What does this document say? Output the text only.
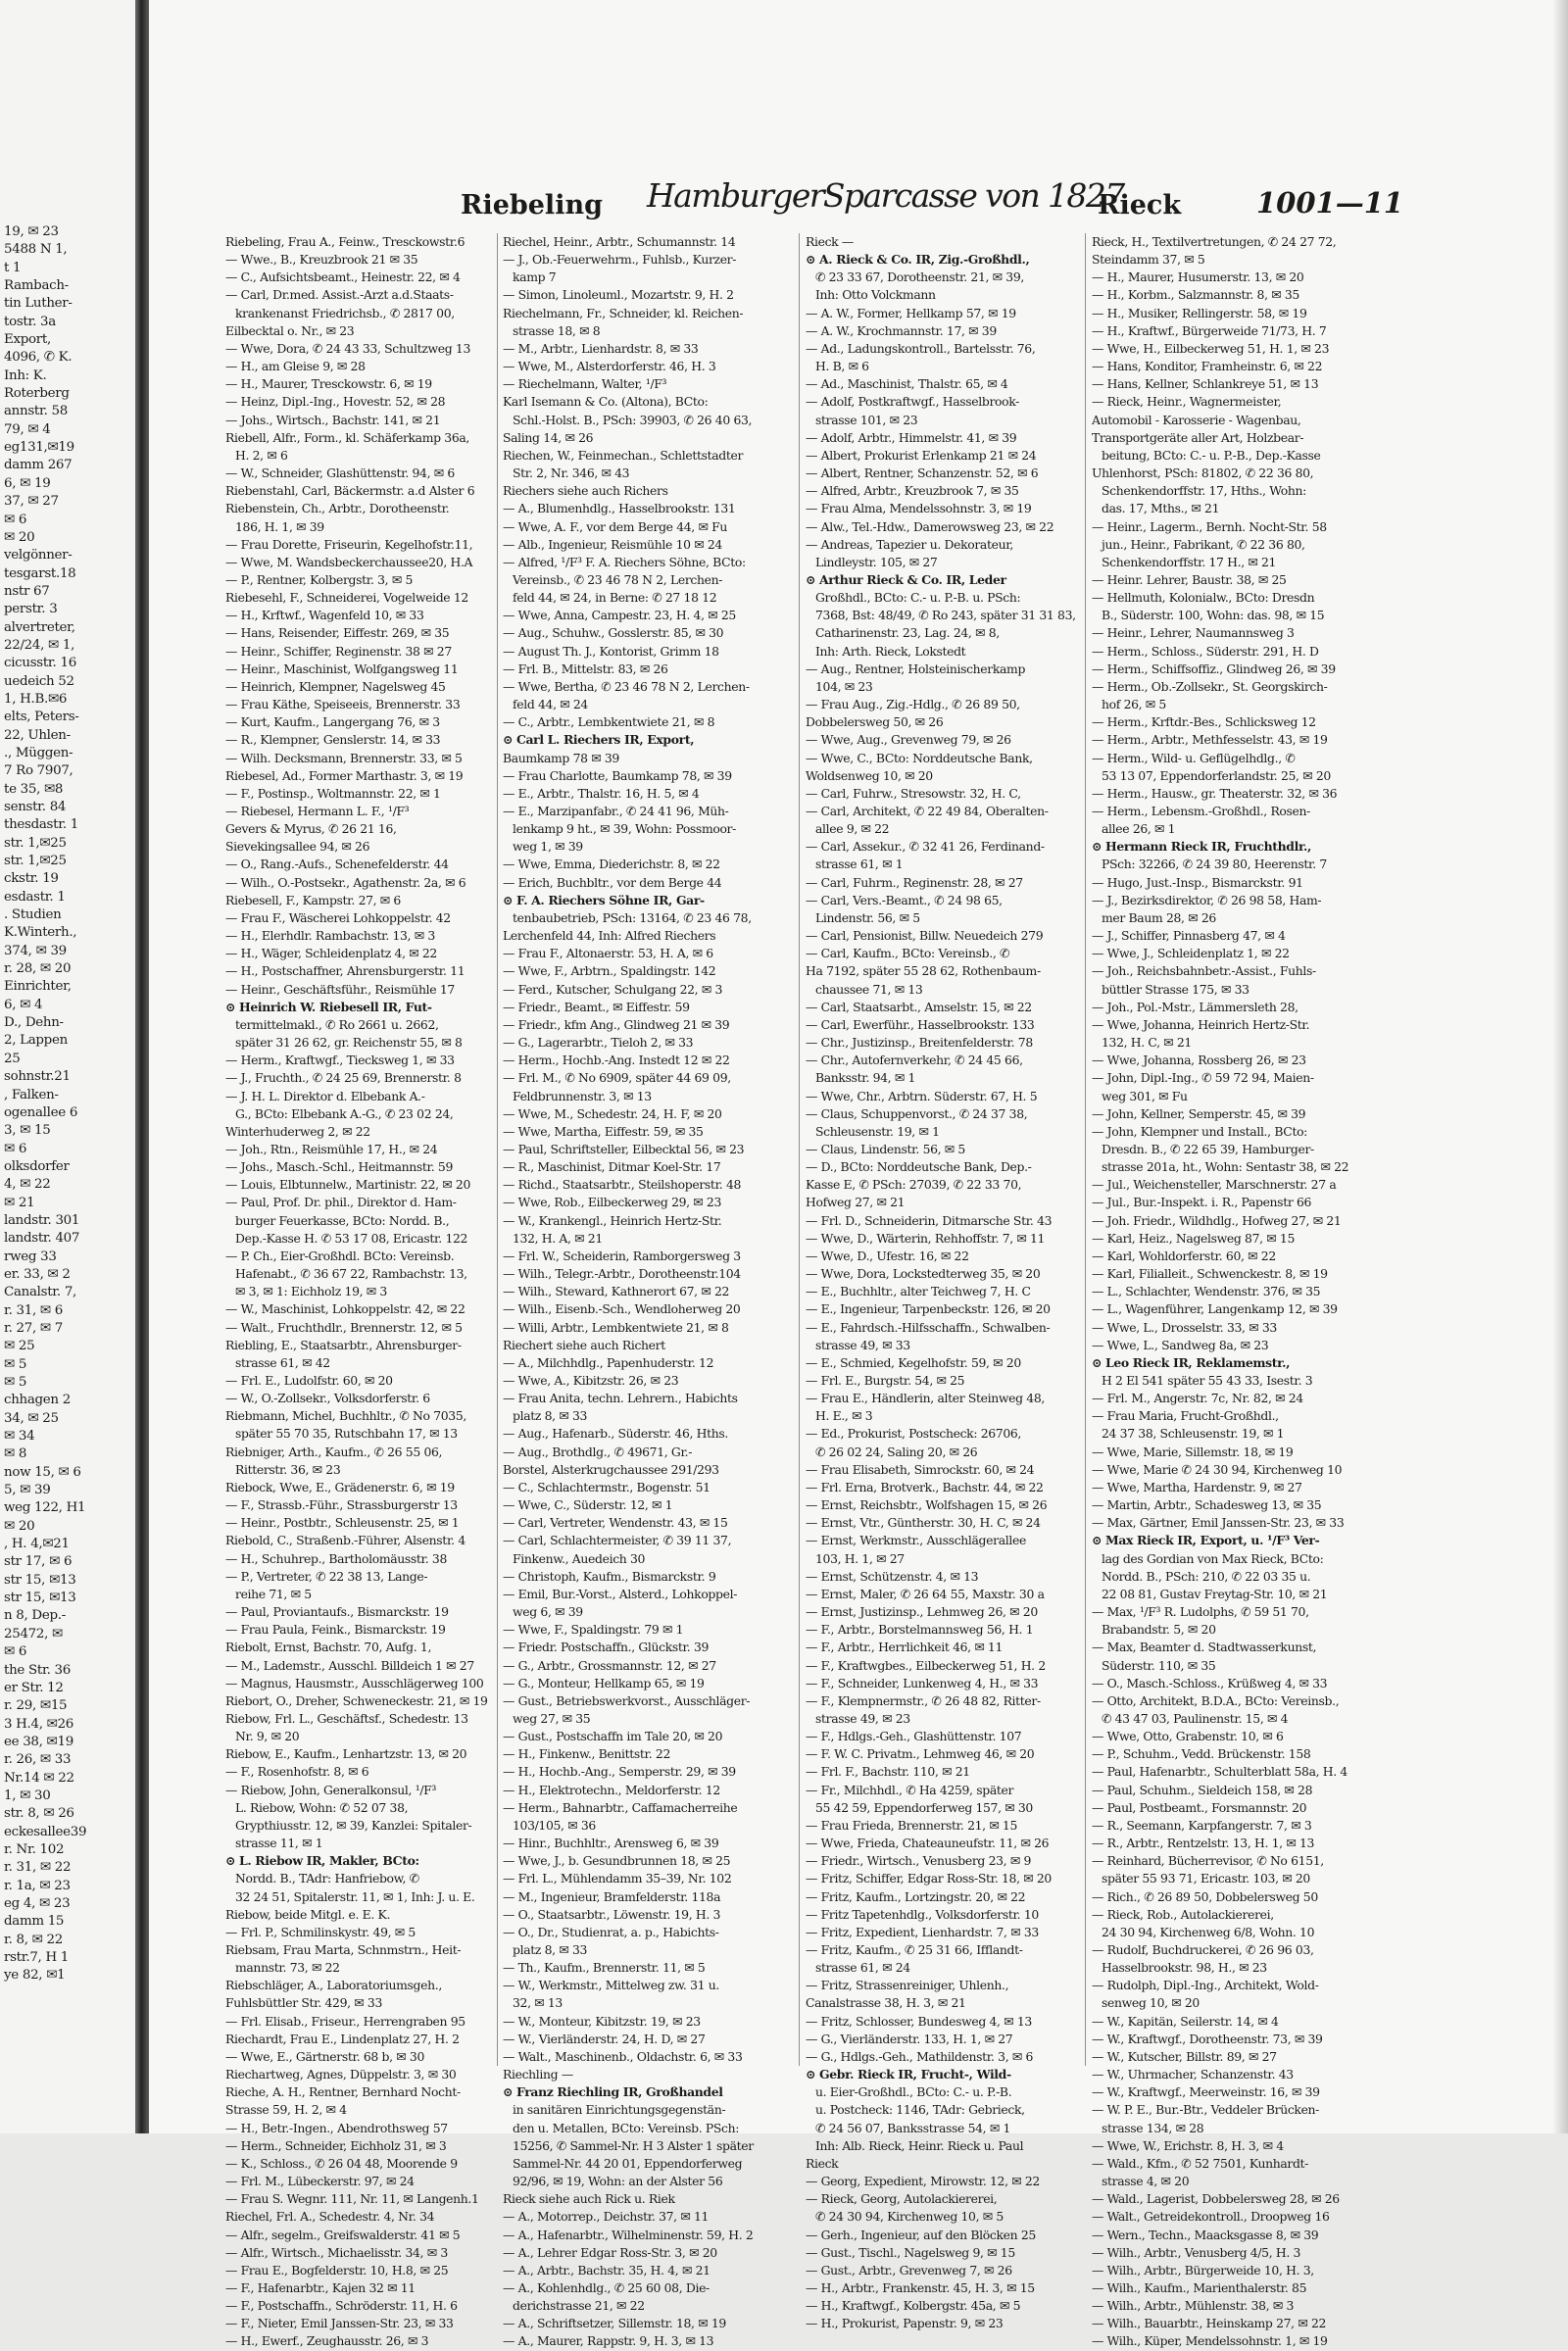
19, ✉ 23
5488 N 1,
t 1
Rambach-
tin Luther-
tostr. 3a
Export,
4096, ✆ K.
Inh: K.
Roterberg
annstr. 58
79, ✉ 4
eg131,✉19
damm 267
6, ✉ 19
37, ✉ 27
✉ 6
✉ 20
velgönner-
tesgarst.18
nstr 67
perstr. 3
alvertreter,
22/24, ✉ 1,
cicusstr. 16
uedeich 52
1, H.B.✉6
elts, Peters-
22, Uhlen-
., Müggen-
7 Ro 7907,
te 35, ✉8
senstr. 84
thesdastr. 1
str. 1,✉25
str. 1,✉25
ckstr. 19
esdastr. 1
. Studien
K.Winterh.,
374, ✉ 39
r. 28, ✉ 20
Einrichter,
6, ✉ 4
D., Dehn-
2, Lappen
25
sohnstr.21
, Falken-
ogenallee 6
3, ✉ 15
✉ 6
olksdorfer
4, ✉ 22
✉ 21
landstr. 301
landstr. 407
rweg 33
er. 33, ✉ 2
Canalstr. 7,
r. 31, ✉ 6
r. 27, ✉ 7
✉ 25
✉ 5
✉ 5
chhagen 2
34, ✉ 25
✉ 34
✉ 8
now 15, ✉ 6
5, ✉ 39
weg 122, H1
✉ 20
, H. 4,✉21
str 17, ✉ 6
str 15, ✉13
str 15, ✉13
n 8, Dep.-
25472, ✉
✉ 6
the Str. 36
er Str. 12
r. 29, ✉15
3 H.4, ✉26
ee 38, ✉19
r. 26, ✉ 33
Nr.14 ✉ 22
1, ✉ 30
str. 8, ✉ 26
eckesallee39
r. Nr. 102
r. 31, ✉ 22
r. 1a, ✉ 23
eg 4, ✉ 23
damm 15
r. 8, ✉ 22
rstr.7, H 1
ye 82, ✉1
Riebeling HamburgerSparcasse von 1827
Rieck	1001—11
Riebeling, Frau A., Feinw., Tresckowstr.6
— Wwe., B., Kreuzbrook 21 ✉ 35
— C., Aufsichtsbeamt., Heinestr. 22, ✉ 4
— Carl, Dr.med. Assist.-Arzt a.d.Staats-
krankenanst Friedrichsb., ✆ 2817 00,
Eilbecktal o. Nr., ✉ 23
— Wwe, Dora, ✆ 24 43 33, Schultzweg 13
— H., am Gleise 9, ✉ 28
— H., Maurer, Tresckowstr. 6, ✉ 19
— Heinz, Dipl.-Ing., Hovestr. 52, ✉ 28
— Johs., Wirtsch., Bachstr. 141, ✉ 21
Riebell, Alfr., Form., kl. Schäferkamp 36a,
H. 2, ✉ 6
— W., Schneider, Glashüttenstr. 94, ✉ 6
Riebenstahl, Carl, Bäckermstr. a.d Alster 6
Riebenstein, Ch., Arbtr., Dorotheenstr.
186, H. 1, ✉ 39
— Frau Dorette, Friseurin, Kegelhofstr.11,
— Wwe, M. Wandsbeckerchaussee20, H.A
— P., Rentner, Kolbergstr. 3, ✉ 5
Riebesehl, F., Schneiderei, Vogelweide 12
— H., Krftwf., Wagenfeld 10, ✉ 33
— Hans, Reisender, Eiffestr. 269, ✉ 35
— Heinr., Schiffer, Reginenstr. 38 ✉ 27
— Heinr., Maschinist, Wolfgangsweg 11
— Heinrich, Klempner, Nagelsweg 45
— Frau Käthe, Speiseeis, Brennerstr. 33
— Kurt, Kaufm., Langergang 76, ✉ 3
— R., Klempner, Genslerstr. 14, ✉ 33
— Wilh. Decksmann, Brennerstr. 33, ✉ 5
Riebesel, Ad., Former Marthastr. 3, ✉ 19
— F., Postinsp., Woltmannstr. 22, ✉ 1
— Riebesel, Hermann L. F., ¹/F³
Gevers & Myrus, ✆ 26 21 16,
Sievekingsallee 94, ✉ 26
— O., Rang.-Aufs., Schenefelderstr. 44
— Wilh., O.-Postsekr., Agathenstr. 2a, ✉ 6
Riebesell, F., Kampstr. 27, ✉ 6
— Frau F., Wäscherei Lohkoppelstr. 42
— H., Elerhdlr. Rambachstr. 13, ✉ 3
— H., Wäger, Schleidenplatz 4, ✉ 22
— H., Postschaffner, Ahrensburgerstr. 11
— Heinr., Geschäftsführ., Reismühle 17
⊙ Heinrich W. Riebesell IR, Fut-
termittelmakl., ✆ Ro 2661 u. 2662,
später 31 26 62, gr. Reichenstr 55, ✉ 8
— Herm., Kraftwgf., Tiecksweg 1, ✉ 33
— J., Fruchth., ✆ 24 25 69, Brennerstr. 8
— J. H. L. Direktor d. Elbebank A.-
G., BCto: Elbebank A.-G., ✆ 23 02 24,
Winterhuderweg 2, ✉ 22
— Joh., Rtn., Reismühle 17, H., ✉ 24
— Johs., Masch.-Schl., Heitmannstr. 59
— Louis, Elbtunnelw., Martinistr. 22, ✉ 20
— Paul, Prof. Dr. phil., Direktor d. Ham-
burger Feuerkasse, BCto: Nordd. B.,
Dep.-Kasse H. ✆ 53 17 08, Ericastr. 122
— P. Ch., Eier-Großhdl. BCto: Vereinsb.
Hafenabt., ✆ 36 67 22, Rambachstr. 13,
✉ 3, ✉ 1: Eichholz 19, ✉ 3
— W., Maschinist, Lohkoppelstr. 42, ✉ 22
— Walt., Fruchthdlr., Brennerstr. 12, ✉ 5
Riebling, E., Staatsarbtr., Ahrensburger-
strasse 61, ✉ 42
— Frl. E., Ludolfstr. 60, ✉ 20
— W., O.-Zollsekr., Volksdorferstr. 6
Riebmann, Michel, Buchhltr., ✆ No 7035,
später 55 70 35, Rutschbahn 17, ✉ 13
Riebniger, Arth., Kaufm., ✆ 26 55 06,
Ritterstr. 36, ✉ 23
Riebock, Wwe, E., Grädenerstr. 6, ✉ 19
— F., Strassb.-Führ., Strassburgerstr 13
— Heinr., Postbtr., Schleusenstr. 25, ✉ 1
Riebold, C., Straßenb.-Führer, Alsenstr. 4
— H., Schuhrep., Bartholomäusstr. 38
— P., Vertreter, ✆ 22 38 13, Lange-
reihe 71, ✉ 5
— Paul, Proviantaufs., Bismarckstr. 19
— Frau Paula, Feink., Bismarckstr. 19
Riebolt, Ernst, Bachstr. 70, Aufg. 1,
— M., Lademstr., Ausschl. Billdeich 1 ✉ 27
— Magnus, Hausmstr., Ausschlägerweg 100
Riebort, O., Dreher, Schweneckestr. 21, ✉ 19
Riebow, Frl. L., Geschäftsf., Schedestr. 13
Nr. 9, ✉ 20
Riebow, E., Kaufm., Lenhartzstr. 13, ✉ 20
— F., Rosenhofstr. 8, ✉ 6
— Riebow, John, Generalkonsul, ¹/F³
L. Riebow, Wohn: ✆ 52 07 38,
Grypthiusstr. 12, ✉ 39, Kanzlei: Spitaler-
strasse 11, ✉ 1
⊙ L. Riebow IR, Makler, BCto:
Nordd. B., TAdr: Hanfriebow, ✆
32 24 51, Spitalerstr. 11, ✉ 1, Inh: J. u. E.
Riebow, beide Mitgl. e. E. K.
— Frl. P., Schmilinskystr. 49, ✉ 5
Riebsam, Frau Marta, Schnmstrn., Heit-
mannstr. 73, ✉ 22
Riebschläger, A., Laboratoriumsgeh.,
Fuhlsbüttler Str. 429, ✉ 33
— Frl. Elisab., Friseur., Herrengraben 95
Riechardt, Frau E., Lindenplatz 27, H. 2
— Wwe, E., Gärtnerstr. 68 b, ✉ 30
Riechartweg, Agnes, Düppelstr. 3, ✉ 30
Rieche, A. H., Rentner, Bernhard Nocht-
Strasse 59, H. 2, ✉ 4
— H., Betr.-Ingen., Abendrothsweg 57
— Herm., Schneider, Eichholz 31, ✉ 3
— K., Schloss., ✆ 26 04 48, Moorende 9
— Frl. M., Lübeckerstr. 97, ✉ 24
— Frau S. Wegnr. 111, Nr. 11, ✉ Langenh.1
Riechel, Frl. A., Schedestr. 4, Nr. 34
— Alfr., segelm., Greifswalderstr. 41 ✉ 5
— Alfr., Wirtsch., Michaelisstr. 34, ✉ 3
— Frau E., Bogfelderstr. 10, H.8, ✉ 25
— F., Hafenarbtr., Kajen 32 ✉ 11
— F., Postschaffn., Schröderstr. 11, H. 6
— F., Nieter, Emil Janssen-Str. 23, ✉ 33
— H., Ewerf., Zeughausstr. 26, ✉ 3
Riechel, Heinr., Arbtr., Schumannstr. 14
— J., Ob.-Feuerwehrm., Fuhlsb., Kurzer-
kamp 7
— Simon, Linoleuml., Mozartstr. 9, H. 2
Riechelmann, Fr., Schneider, kl. Reichen-
strasse 18, ✉ 8
— M., Arbtr., Lienhardstr. 8, ✉ 33
— Wwe, M., Alsterdorferstr. 46, H. 3
— Riechelmann, Walter, ¹/F³
Karl Isemann & Co. (Altona), BCto:
Schl.-Holst. B., PSch: 39903, ✆ 26 40 63,
Saling 14, ✉ 26
Riechen, W., Feinmechan., Schlettstadter
Str. 2, Nr. 346, ✉ 43
Riechers siehe auch Richers
— A., Blumenhdlg., Hasselbrookstr. 131
— Wwe, A. F., vor dem Berge 44, ✉ Fu
— Alb., Ingenieur, Reismühle 10 ✉ 24
— Alfred, ¹/F³ F. A. Riechers Söhne, BCto:
Vereinsb., ✆ 23 46 78 N 2, Lerchen-
feld 44, ✉ 24, in Berne: ✆ 27 18 12
— Wwe, Anna, Campestr. 23, H. 4, ✉ 25
— Aug., Schuhw., Gosslerstr. 85, ✉ 30
— August Th. J., Kontorist, Grimm 18
— Frl. B., Mittelstr. 83, ✉ 26
— Wwe, Bertha, ✆ 23 46 78 N 2, Lerchen-
feld 44, ✉ 24
— C., Arbtr., Lembkentwiete 21, ✉ 8
⊙ Carl L. Riechers IR, Export,
Baumkamp 78 ✉ 39
— Frau Charlotte, Baumkamp 78, ✉ 39
— E., Arbtr., Thalstr. 16, H. 5, ✉ 4
— E., Marzipanfabr., ✆ 24 41 96, Müh-
lenkamp 9 ht., ✉ 39, Wohn: Possmoor-
weg 1, ✉ 39
— Wwe, Emma, Diederichstr. 8, ✉ 22
— Erich, Buchbltr., vor dem Berge 44
⊙ F. A. Riechers Söhne IR, Gar-
tenbaubetrieb, PSch: 13164, ✆ 23 46 78,
Lerchenfeld 44, Inh: Alfred Riechers
— Frau F., Altonaerstr. 53, H. A, ✉ 6
— Wwe, F., Arbtrn., Spaldingstr. 142
— Ferd., Kutscher, Schulgang 22, ✉ 3
— Friedr., Beamt., ✉ Eiffestr. 59
— Friedr., kfm Ang., Glindweg 21 ✉ 39
— G., Lagerarbtr., Tieloh 2, ✉ 33
— Herm., Hochb.-Ang. Instedt 12 ✉ 22
— Frl. M., ✆ No 6909, später 44 69 09,
Feldbrunnenstr. 3, ✉ 13
— Wwe, M., Schedestr. 24, H. F, ✉ 20
— Wwe, Martha, Eiffestr. 59, ✉ 35
— Paul, Schriftsteller, Eilbecktal 56, ✉ 23
— R., Maschinist, Ditmar Koel-Str. 17
— Richd., Staatsarbtr., Steilshoperstr. 48
— Wwe, Rob., Eilbeckerweg 29, ✉ 23
— W., Krankengl., Heinrich Hertz-Str.
132, H. A, ✉ 21
— Frl. W., Scheiderin, Ramborgersweg 3
— Wilh., Telegr.-Arbtr., Dorotheenstr.104
— Wilh., Steward, Kathnerort 67, ✉ 22
— Wilh., Eisenb.-Sch., Wendloherweg 20
— Willi, Arbtr., Lembkentwiete 21, ✉ 8
Riechert siehe auch Richert
— A., Milchhdlg., Papenhuderstr. 12
— Wwe, A., Kibitzstr. 26, ✉ 23
— Frau Anita, techn. Lehrern., Habichts
platz 8, ✉ 33
— Aug., Hafenarb., Süderstr. 46, Hths.
— Aug., Brothdlg., ✆ 49671, Gr.-
Borstel, Alsterkrugchaussee 291/293
— C., Schlachtermstr., Bogenstr. 51
— Wwe, C., Süderstr. 12, ✉ 1
— Carl, Vertreter, Wendenstr. 43, ✉ 15
— Carl, Schlachtermeister, ✆ 39 11 37,
Finkenw., Auedeich 30
— Christoph, Kaufm., Bismarckstr. 9
— Emil, Bur.-Vorst., Alsterd., Lohkoppel-
weg 6, ✉ 39
— Wwe, F., Spaldingstr. 79 ✉ 1
— Friedr. Postschaffn., Glückstr. 39
— G., Arbtr., Grossmannstr. 12, ✉ 27
— G., Monteur, Hellkamp 65, ✉ 19
— Gust., Betriebswerkvorst., Ausschläger-
weg 27, ✉ 35
— Gust., Postschaffn im Tale 20, ✉ 20
— H., Finkenw., Benittstr. 22
— H., Hochb.-Ang., Semperstr. 29, ✉ 39
— H., Elektrotechn., Meldorferstr. 12
— Herm., Bahnarbtr., Caffamacherreihe
103/105, ✉ 36
— Hinr., Buchhltr., Arensweg 6, ✉ 39
— Wwe, J., b. Gesundbrunnen 18, ✉ 25
— Frl. L., Mühlendamm 35–39, Nr. 102
— M., Ingenieur, Bramfelderstr. 118a
— O., Staatsarbtr., Löwenstr. 19, H. 3
— O., Dr., Studienrat, a. p., Habichts-
platz 8, ✉ 33
— Th., Kaufm., Brennerstr. 11, ✉ 5
— W., Werkmstr., Mittelweg zw. 31 u.
32, ✉ 13
— W., Monteur, Kibitzstr. 19, ✉ 23
— W., Vierländerstr. 24, H. D, ✉ 27
— Walt., Maschinenb., Oldachstr. 6, ✉ 33
Riechling —
⊙ Franz Riechling IR, Großhandel
in sanitären Einrichtungsgegenstän-
den u. Metallen, BCto: Vereinsb. PSch:
15256, ✆ Sammel-Nr. H 3 Alster 1 später
Sammel-Nr. 44 20 01, Eppendorferweg
92/96, ✉ 19, Wohn: an der Alster 56
Rieck siehe auch Rick u. Riek
— A., Motorrep., Deichstr. 37, ✉ 11
— A., Hafenarbtr., Wilhelminenstr. 59, H. 2
— A., Lehrer Edgar Ross-Str. 3, ✉ 20
— A., Arbtr., Bachstr. 35, H. 4, ✉ 21
— A., Kohlenhdlg., ✆ 25 60 08, Die-
derichstrasse 21, ✉ 22
— A., Schriftsetzer, Sillemstr. 18, ✉ 19
— A., Maurer, Rappstr. 9, H. 3, ✉ 13
Rieck —
⊙ A. Rieck & Co. IR, Zig.-Großhdl.,
✆ 23 33 67, Dorotheenstr. 21, ✉ 39,
Inh: Otto Volckmann
— A. W., Former, Hellkamp 57, ✉ 19
— A. W., Krochmannstr. 17, ✉ 39
— Ad., Ladungskontroll., Bartelsstr. 76,
H. B, ✉ 6
— Ad., Maschinist, Thalstr. 65, ✉ 4
— Adolf, Postkraftwgf., Hasselbrook-
strasse 101, ✉ 23
— Adolf, Arbtr., Himmelstr. 41, ✉ 39
— Albert, Prokurist Erlenkamp 21 ✉ 24
— Albert, Rentner, Schanzenstr. 52, ✉ 6
— Alfred, Arbtr., Kreuzbrook 7, ✉ 35
— Frau Alma, Mendelssohnstr. 3, ✉ 19
— Alw., Tel.-Hdw., Damerowsweg 23, ✉ 22
— Andreas, Tapezier u. Dekorateur,
Lindleystr. 105, ✉ 27
⊙ Arthur Rieck & Co. IR, Leder
Großhdl., BCto: C.- u. P.-B. u. PSch:
7368, Bst: 48/49, ✆ Ro 243, später 31 31 83,
Catharinenstr. 23, Lag. 24, ✉ 8,
Inh: Arth. Rieck, Lokstedt
— Aug., Rentner, Holsteinischerkamp
104, ✉ 23
— Frau Aug., Zig.-Hdlg., ✆ 26 89 50,
Dobbelersweg 50, ✉ 26
— Wwe, Aug., Grevenweg 79, ✉ 26
— Wwe, C., BCto: Norddeutsche Bank,
Woldsenweg 10, ✉ 20
— Carl, Fuhrw., Stresowstr. 32, H. C,
— Carl, Architekt, ✆ 22 49 84, Oberalten-
allee 9, ✉ 22
— Carl, Assekur., ✆ 32 41 26, Ferdinand-
strasse 61, ✉ 1
— Carl, Fuhrm., Reginenstr. 28, ✉ 27
— Carl, Vers.-Beamt., ✆ 24 98 65,
Lindenstr. 56, ✉ 5
— Carl, Pensionist, Billw. Neuedeich 279
— Carl, Kaufm., BCto: Vereinsb., ✆
Ha 7192, später 55 28 62, Rothenbaum-
chaussee 71, ✉ 13
— Carl, Staatsarbt., Amselstr. 15, ✉ 22
— Carl, Ewerführ., Hasselbrookstr. 133
— Chr., Justizinsp., Breitenfelderstr. 78
— Chr., Autofernverkehr, ✆ 24 45 66,
Banksstr. 94, ✉ 1
— Wwe, Chr., Arbtrn. Süderstr. 67, H. 5
— Claus, Schuppenvorst., ✆ 24 37 38,
Schleusenstr. 19, ✉ 1
— Claus, Lindenstr. 56, ✉ 5
— D., BCto: Norddeutsche Bank, Dep.-
Kasse E, ✆ PSch: 27039, ✆ 22 33 70,
Hofweg 27, ✉ 21
— Frl. D., Schneiderin, Ditmarsche Str. 43
— Wwe, D., Wärterin, Rehhoffstr. 7, ✉ 11
— Wwe, D., Ufestr. 16, ✉ 22
— Wwe, Dora, Lockstedterweg 35, ✉ 20
— E., Buchhltr., alter Teichweg 7, H. C
— E., Ingenieur, Tarpenbeckstr. 126, ✉ 20
— E., Fahrdsch.-Hilfsschaffn., Schwalben-
strasse 49, ✉ 33
— E., Schmied, Kegelhofstr. 59, ✉ 20
— Frl. E., Burgstr. 54, ✉ 25
— Frau E., Händlerin, alter Steinweg 48,
H. E., ✉ 3
— Ed., Prokurist, Postscheck: 26706,
✆ 26 02 24, Saling 20, ✉ 26
— Frau Elisabeth, Simrockstr. 60, ✉ 24
— Frl. Erna, Brotverk., Bachstr. 44, ✉ 22
— Ernst, Reichsbtr., Wolfshagen 15, ✉ 26
— Ernst, Vtr., Güntherstr. 30, H. C, ✉ 24
— Ernst, Werkmstr., Ausschlägerallee
103, H. 1, ✉ 27
— Ernst, Schützenstr. 4, ✉ 13
— Ernst, Maler, ✆ 26 64 55, Maxstr. 30 a
— Ernst, Justizinsp., Lehmweg 26, ✉ 20
— F., Arbtr., Borstelmannsweg 56, H. 1
— F., Arbtr., Herrlichkeit 46, ✉ 11
— F., Kraftwgbes., Eilbeckerweg 51, H. 2
— F., Schneider, Lunkenweg 4, H., ✉ 33
— F., Klempnermstr., ✆ 26 48 82, Ritter-
strasse 49, ✉ 23
— F., Hdlgs.-Geh., Glashüttenstr. 107
— F. W. C. Privatm., Lehmweg 46, ✉ 20
— Frl. F., Bachstr. 110, ✉ 21
— Fr., Milchhdl., ✆ Ha 4259, später
55 42 59, Eppendorferweg 157, ✉ 30
— Frau Frieda, Brennerstr. 21, ✉ 15
— Wwe, Frieda, Chateauneufstr. 11, ✉ 26
— Friedr., Wirtsch., Venusberg 23, ✉ 9
— Fritz, Schiffer, Edgar Ross-Str. 18, ✉ 20
— Fritz, Kaufm., Lortzingstr. 20, ✉ 22
— Fritz Tapetenhdlg., Volksdorferstr. 10
— Fritz, Expedient, Lienhardstr. 7, ✉ 33
— Fritz, Kaufm., ✆ 25 31 66, Ifflandt-
strasse 61, ✉ 24
— Fritz, Strassenreiniger, Uhlenh.,
Canalstrasse 38, H. 3, ✉ 21
— Fritz, Schlosser, Bundesweg 4, ✉ 13
— G., Vierländerstr. 133, H. 1, ✉ 27
— G., Hdlgs.-Geh., Mathildenstr. 3, ✉ 6
⊙ Gebr. Rieck IR, Frucht-, Wild-
u. Eier-Großhdl., BCto: C.- u. P.-B.
u. Postcheck: 1146, TAdr: Gebrieck,
✆ 24 56 07, Banksstrasse 54, ✉ 1
Inh: Alb. Rieck, Heinr. Rieck u. Paul
Rieck
— Georg, Expedient, Mirowstr. 12, ✉ 22
— Rieck, Georg, Autolackiererei,
✆ 24 30 94, Kirchenweg 10, ✉ 5
— Gerh., Ingenieur, auf den Blöcken 25
— Gust., Tischl., Nagelsweg 9, ✉ 15
— Gust., Arbtr., Grevenweg 7, ✉ 26
— H., Arbtr., Frankenstr. 45, H. 3, ✉ 15
— H., Kraftwgf., Kolbergstr. 45a, ✉ 5
— H., Prokurist, Papenstr. 9, ✉ 23
Rieck, H., Textilvertretungen, ✆ 24 27 72,
Steindamm 37, ✉ 5
— H., Maurer, Husumerstr. 13, ✉ 20
— H., Korbm., Salzmannstr. 8, ✉ 35
— H., Musiker, Rellingerstr. 58, ✉ 19
— H., Kraftwf., Bürgerweide 71/73, H. 7
— Wwe, H., Eilbeckerweg 51, H. 1, ✉ 23
— Hans, Konditor, Framheinstr. 6, ✉ 22
— Hans, Kellner, Schlankreye 51, ✉ 13
— Rieck, Heinr., Wagnermeister,
Automobil - Karosserie - Wagenbau,
Transportgeräte aller Art, Holzbear-
beitung, BCto: C.- u. P.-B., Dep.-Kasse
Uhlenhorst, PSch: 81802, ✆ 22 36 80,
Schenkendorffstr. 17, Hths., Wohn:
das. 17, Mths., ✉ 21
— Heinr., Lagerm., Bernh. Nocht-Str. 58
jun., Heinr., Fabrikant, ✆ 22 36 80,
Schenkendorffstr. 17 H., ✉ 21
— Heinr. Lehrer, Baustr. 38, ✉ 25
— Hellmuth, Kolonialw., BCto: Dresdn
B., Süderstr. 100, Wohn: das. 98, ✉ 15
— Heinr., Lehrer, Naumannsweg 3
— Herm., Schloss., Süderstr. 291, H. D
— Herm., Schiffsoffiz., Glindweg 26, ✉ 39
— Herm., Ob.-Zollsekr., St. Georgskirch-
hof 26, ✉ 5
— Herm., Krftdr.-Bes., Schlicksweg 12
— Herm., Arbtr., Methfesselstr. 43, ✉ 19
— Herm., Wild- u. Geflügelhdlg., ✆
53 13 07, Eppendorferlandstr. 25, ✉ 20
— Herm., Hausw., gr. Theaterstr. 32, ✉ 36
— Herm., Lebensm.-Großhdl., Rosen-
allee 26, ✉ 1
⊙ Hermann Rieck IR, Fruchthdlr.,
PSch: 32266, ✆ 24 39 80, Heerenstr. 7
— Hugo, Just.-Insp., Bismarckstr. 91
— J., Bezirksdirektor, ✆ 26 98 58, Ham-
mer Baum 28, ✉ 26
— J., Schiffer, Pinnasberg 47, ✉ 4
— Wwe, J., Schleidenplatz 1, ✉ 22
— Joh., Reichsbahnbetr.-Assist., Fuhls-
büttler Strasse 175, ✉ 33
— Joh., Pol.-Mstr., Lämmersleth 28,
— Wwe, Johanna, Heinrich Hertz-Str.
132, H. C, ✉ 21
— Wwe, Johanna, Rossberg 26, ✉ 23
— John, Dipl.-Ing., ✆ 59 72 94, Maien-
weg 301, ✉ Fu
— John, Kellner, Semperstr. 45, ✉ 39
— John, Klempner und Install., BCto:
Dresdn. B., ✆ 22 65 39, Hamburger-
strasse 201a, ht., Wohn: Sentastr 38, ✉ 22
— Jul., Weichensteller, Marschnerstr. 27 a
— Jul., Bur.-Inspekt. i. R., Papenstr 66
— Joh. Friedr., Wildhdlg., Hofweg 27, ✉ 21
— Karl, Heiz., Nagelsweg 87, ✉ 15
— Karl, Wohldorferstr. 60, ✉ 22
— Karl, Filialleit., Schwenckestr. 8, ✉ 19
— L., Schlachter, Wendenstr. 376, ✉ 35
— L., Wagenführer, Langenkamp 12, ✉ 39
— Wwe, L., Drosselstr. 33, ✉ 33
— Wwe, L., Sandweg 8a, ✉ 23
⊙ Leo Rieck IR, Reklamemstr.,
H 2 El 541 später 55 43 33, Isestr. 3
— Frl. M., Angerstr. 7c, Nr. 82, ✉ 24
— Frau Maria, Frucht-Großhdl.,
24 37 38, Schleusenstr. 19, ✉ 1
— Wwe, Marie, Sillemstr. 18, ✉ 19
— Wwe, Marie ✆ 24 30 94, Kirchenweg 10
— Wwe, Martha, Hardenstr. 9, ✉ 27
— Martin, Arbtr., Schadesweg 13, ✉ 35
— Max, Gärtner, Emil Janssen-Str. 23, ✉ 33
⊙ Max Rieck IR, Export, u. ¹/F³ Ver-
lag des Gordian von Max Rieck, BCto:
Nordd. B., PSch: 210, ✆ 22 03 35 u.
22 08 81, Gustav Freytag-Str. 10, ✉ 21
— Max, ¹/F³ R. Ludolphs, ✆ 59 51 70,
Brabandstr. 5, ✉ 20
— Max, Beamter d. Stadtwasserkunst,
Süderstr. 110, ✉ 35
— O., Masch.-Schloss., Krüßweg 4, ✉ 33
— Otto, Architekt, B.D.A., BCto: Vereinsb.,
✆ 43 47 03, Paulinenstr. 15, ✉ 4
— Wwe, Otto, Grabenstr. 10, ✉ 6
— P., Schuhm., Vedd. Brückenstr. 158
— Paul, Hafenarbtr., Schulterblatt 58a, H. 4
— Paul, Schuhm., Sieldeich 158, ✉ 28
— Paul, Postbeamt., Forsmannstr. 20
— R., Seemann, Karpfangerstr. 7, ✉ 3
— R., Arbtr., Rentzelstr. 13, H. 1, ✉ 13
— Reinhard, Bücherrevisor, ✆ No 6151,
später 55 93 71, Ericastr. 103, ✉ 20
— Rich., ✆ 26 89 50, Dobbelersweg 50
— Rieck, Rob., Autolackiererei,
24 30 94, Kirchenweg 6/8, Wohn. 10
— Rudolf, Buchdruckerei, ✆ 26 96 03,
Hasselbrookstr. 98, H., ✉ 23
— Rudolph, Dipl.-Ing., Architekt, Wold-
senweg 10, ✉ 20
— W., Kapitän, Seilerstr. 14, ✉ 4
— W., Kraftwgf., Dorotheenstr. 73, ✉ 39
— W., Kutscher, Billstr. 89, ✉ 27
— W., Uhrmacher, Schanzenstr. 43
— W., Kraftwgf., Meerweinstr. 16, ✉ 39
— W. P. E., Bur.-Btr., Veddeler Brücken-
strasse 134, ✉ 28
— Wwe, W., Erichstr. 8, H. 3, ✉ 4
— Wald., Kfm., ✆ 52 7501, Kunhardt-
strasse 4, ✉ 20
— Wald., Lagerist, Dobbelersweg 28, ✉ 26
— Walt., Getreidekontroll., Droopweg 16
— Wern., Techn., Maacksgasse 8, ✉ 39
— Wilh., Arbtr., Venusberg 4/5, H. 3
— Wilh., Arbtr., Bürgerweide 10, H. 3,
— Wilh., Kaufm., Marienthalerstr. 85
— Wilh., Arbtr., Mühlenstr. 38, ✉ 3
— Wilh., Bauarbtr., Heinskamp 27, ✉ 22
— Wilh., Küper, Mendelssohnstr. 1, ✉ 19
